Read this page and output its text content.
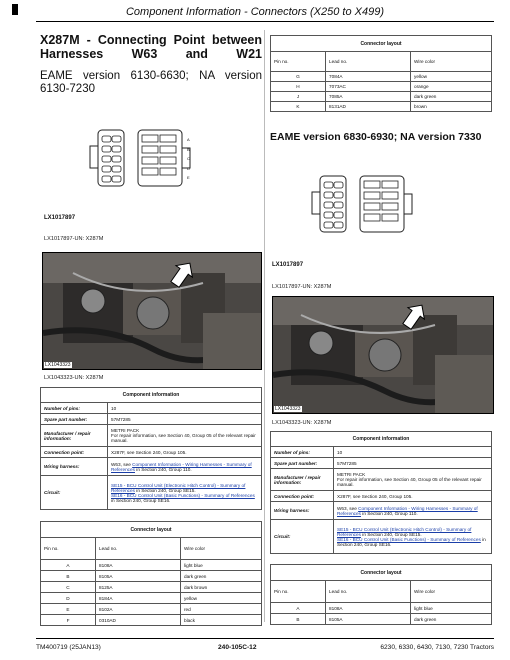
Component Information - Connectors (X250 to X499)
X287M - Connecting Point between Harnesses W63 and W21
EAME version 6130-6630; NA version 6130-7230
A
B
C
D
E
LX1017897
LX1017897-UN: X287M
LX1043323
LX1043323-UN: X287M
Component information	
Number of pins:	10
Spare part number:	57M7285
Manufacturer / repair information:	METRI PACK
For repair information, see Section 40, Group 05 of the relevant repair manual.

Connection point:	X287F, see Section 240, Group 105.
Wiring harness:	W63, see Component Information - Wiring Harnesses - Summary of References in Section 240, Group 110.
Circuit:	SE15 - BCU Control Unit (Electronic Hitch Control) - Summary of References in Section 240, Group SE15.
SE16 - BCU Control Unit (Basic Functions) - Summary of References in Section 240, Group SE16.
Connector layout		
Pin no.	Lead no.	Wire color
A	8108A	light blue
B	8105A	dark green
C	8125A	dark brown
D	8184A	yellow
E	8102A	red
F	0310AD	black
Connector layout		
Pin no.	Lead no.	Wire color
G	7084A	yellow
H	7073AC	orange
J	7085A	dark green
K	8131AD	brown
EAME version 6830-6930; NA version 7330
LX1017897
LX1017897-UN: X287M
LX1043323
LX1043323-UN: X287M
Component information	
Number of pins:	10
Spare part number:	57M7285
Manufacturer / repair information:	METRI PACK
For repair information, see Section 40, Group 05 of the relevant repair manual.

Connection point:	X287F, see Section 240, Group 105.
Wiring harness:	W63, see Component Information - Wiring Harnesses - Summary of References in Section 240, Group 110.
Circuit:	SE15 - BCU Control Unit (Electronic Hitch Control) - Summary of References in Section 240, Group SE15.
SE16 - BCU Control Unit (Basic Functions) - Summary of References in Section 240, Group SE16.
Connector layout		
Pin no.	Lead no.	Wire color
A	8108A	light blue
B	8105A	dark green
TM400719 (25JAN13)	240-105C-12	6230, 6330, 6430, 7130, 7230 Tractors
